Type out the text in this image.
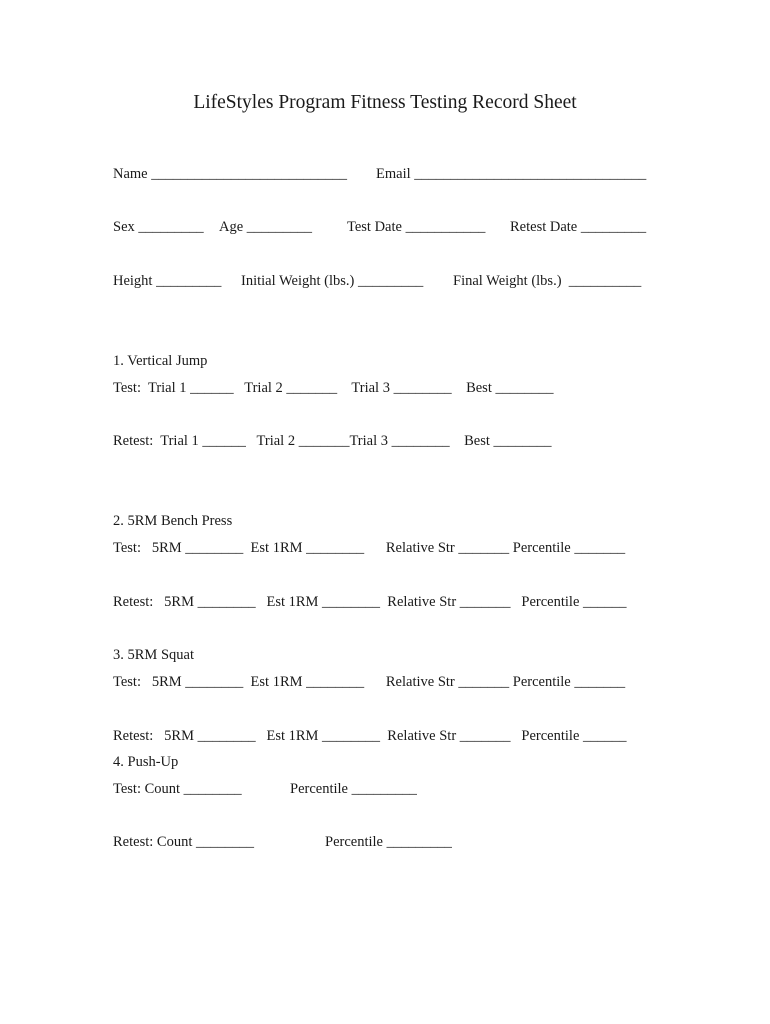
LifeStyles Program Fitness Testing Record Sheet
Name ___________________________ Email ________________________________
Sex _________ Age _________ Test Date ___________ Retest Date _________
Height _________ Initial Weight (lbs.) _________ Final Weight (lbs.)  __________
1. Vertical Jump
Test:  Trial 1 ______   Trial 2 _______    Trial 3 ________    Best ________
Retest:  Trial 1 ______   Trial 2 _______Trial 3 ________    Best ________
2. 5RM Bench Press
Test:   5RM ________  Est 1RM ________      Relative Str _______ Percentile _______
Retest:   5RM ________   Est 1RM ________  Relative Str _______   Percentile ______
3. 5RM Squat
Test:   5RM ________  Est 1RM ________      Relative Str _______ Percentile _______
Retest:   5RM ________   Est 1RM ________  Relative Str _______   Percentile ______
4. Push-Up
Test: Count ________	Percentile _________
Retest: Count ________	Percentile _________
